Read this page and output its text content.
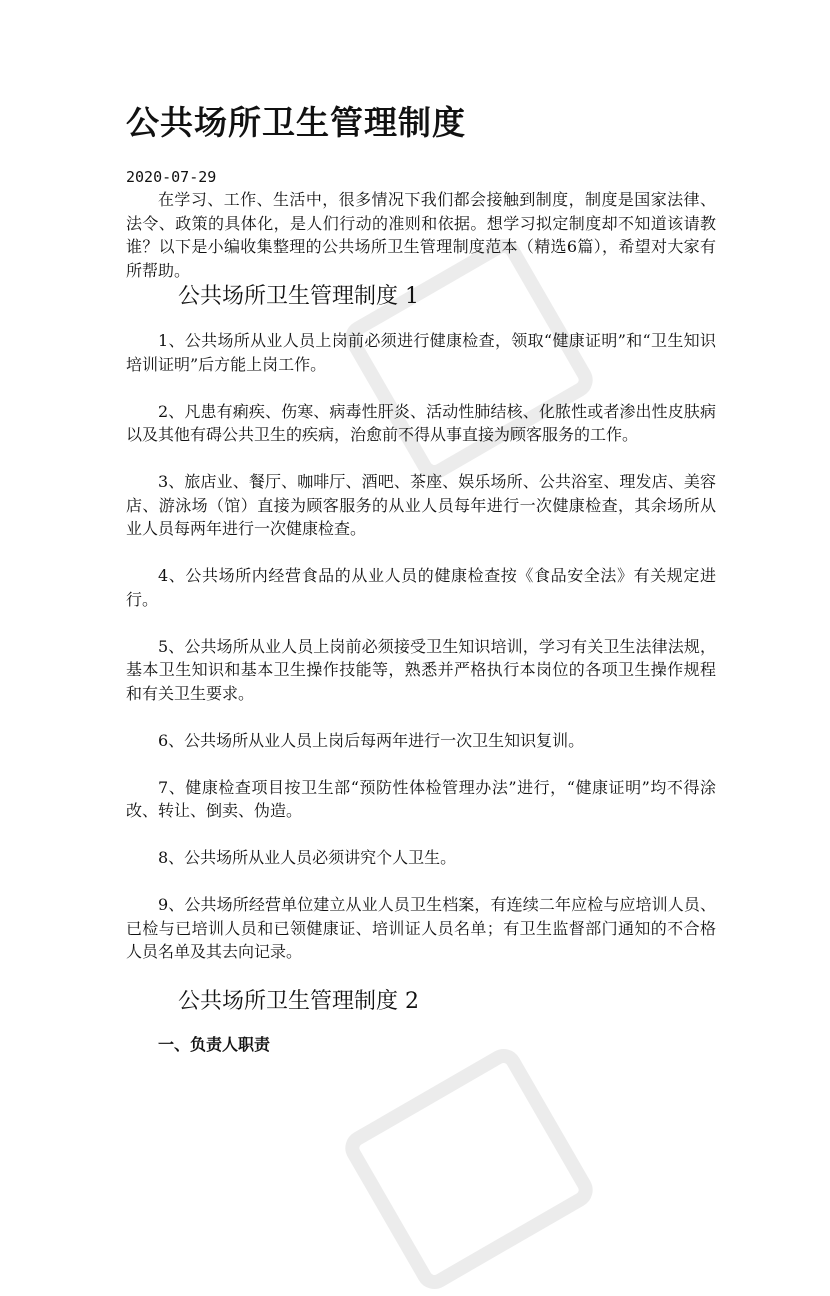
公共场所卫生管理制度
2020-07-29

在学习、工作、生活中，很多情况下我们都会接触到制度，制度是国家法律、法令、政策的具体化，是人们行动的准则和依据。想学习拟定制度却不知道该请教谁？以下是小编收集整理的公共场所卫生管理制度范本（精选6篇），希望对大家有所帮助。

公共场所卫生管理制度 1

1、公共场所从业人员上岗前必须进行健康检查，领取“健康证明”和“卫生知识培训证明”后方能上岗工作。

2、凡患有痢疾、伤寒、病毒性肝炎、活动性肺结核、化脓性或者渗出性皮肤病以及其他有碍公共卫生的疾病，治愈前不得从事直接为顾客服务的工作。

3、旅店业、餐厅、咖啡厅、酒吧、茶座、娱乐场所、公共浴室、理发店、美容店、游泳场（馆）直接为顾客服务的从业人员每年进行一次健康检查，其余场所从业人员每两年进行一次健康检查。

4、公共场所内经营食品的从业人员的健康检查按《食品安全法》有关规定进行。

5、公共场所从业人员上岗前必须接受卫生知识培训，学习有关卫生法律法规，基本卫生知识和基本卫生操作技能等，熟悉并严格执行本岗位的各项卫生操作规程和有关卫生要求。

6、公共场所从业人员上岗后每两年进行一次卫生知识复训。

7、健康检查项目按卫生部“预防性体检管理办法”进行，“健康证明”均不得涂改、转让、倒卖、伪造。

8、公共场所从业人员必须讲究个人卫生。

9、公共场所经营单位建立从业人员卫生档案，有连续二年应检与应培训人员、已检与已培训人员和已领健康证、培训证人员名单；有卫生监督部门通知的不合格人员名单及其去向记录。

公共场所卫生管理制度 2
一、负责人职责
